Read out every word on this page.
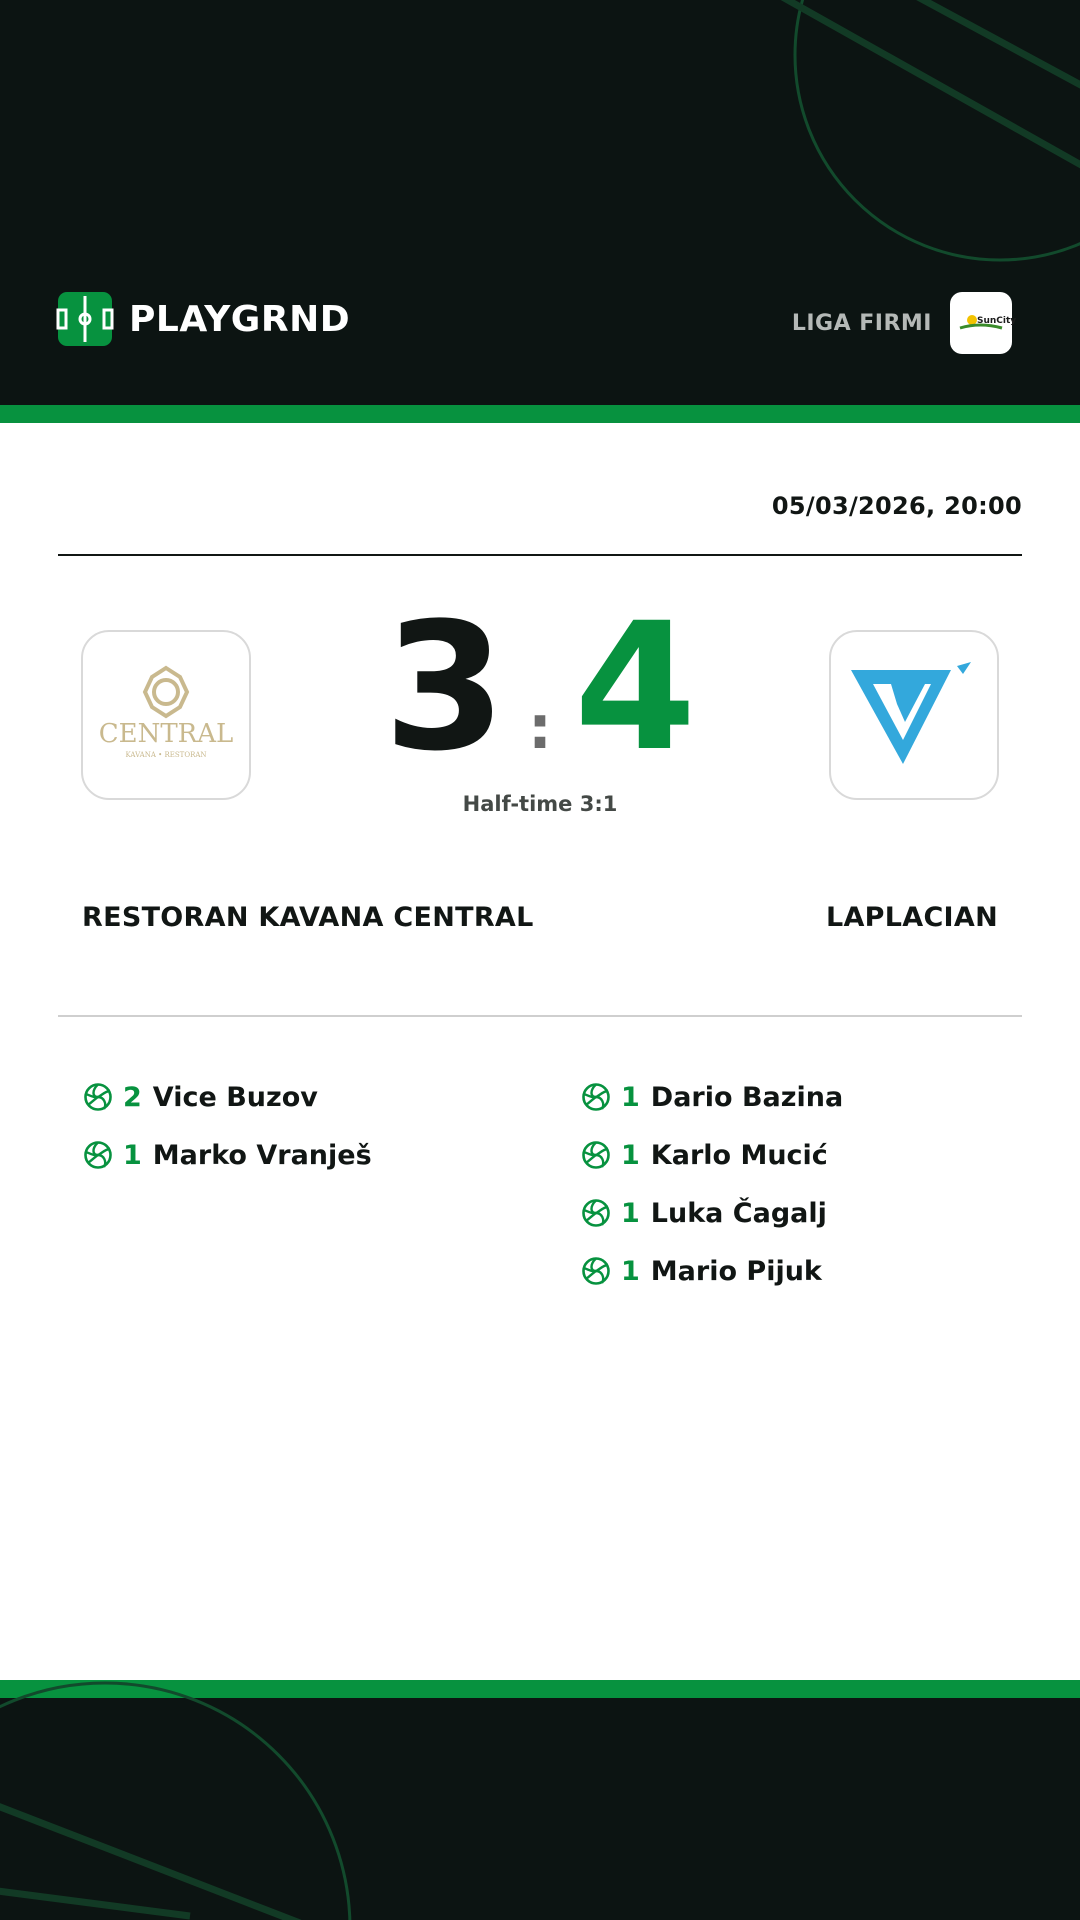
PLAYGRND	LIGA FIRMI	SunCity
05/03/2026, 20:00
CENTRAL
KAVANA • RESTORAN	3 : 4
Half-time 3:1
RESTORAN KAVANA CENTRAL	LAPLACIAN
2 Vice Buzov
1 Marko Vranješ
1 Dario Bazina
1 Karlo Mucić
1 Luka Čagalj
1 Mario Pijuk
